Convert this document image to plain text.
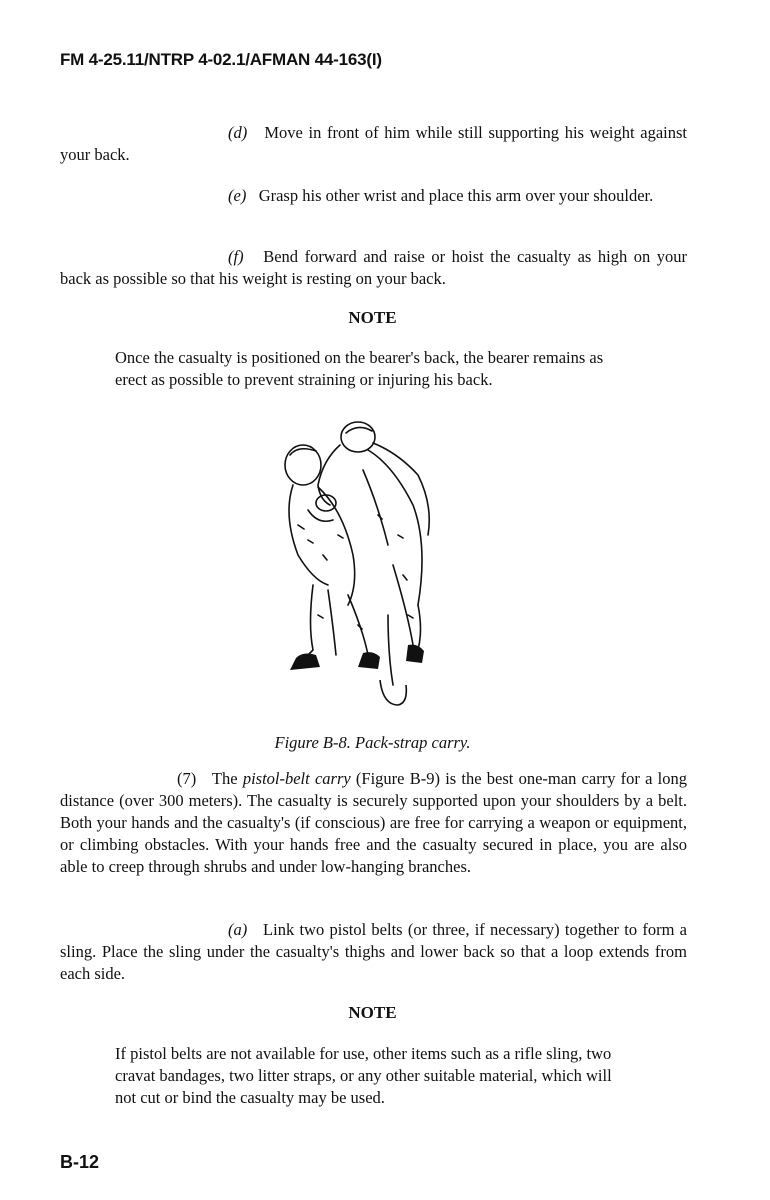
FM 4-25.11/NTRP 4-02.1/AFMAN 44-163(I)
(d) Move in front of him while still supporting his weight against your back.
(e) Grasp his other wrist and place this arm over your shoulder.
(f) Bend forward and raise or hoist the casualty as high on your back as possible so that his weight is resting on your back.
NOTE
Once the casualty is positioned on the bearer's back, the bearer remains as erect as possible to prevent straining or injuring his back.
Figure B-8. Pack-strap carry.
(7) The pistol-belt carry (Figure B-9) is the best one-man carry for a long distance (over 300 meters). The casualty is securely supported upon your shoulders by a belt. Both your hands and the casualty's (if conscious) are free for carrying a weapon or equipment, or climbing obstacles. With your hands free and the casualty secured in place, you are also able to creep through shrubs and under low-hanging branches.
(a) Link two pistol belts (or three, if necessary) together to form a sling. Place the sling under the casualty's thighs and lower back so that a loop extends from each side.
NOTE
If pistol belts are not available for use, other items such as a rifle sling, two cravat bandages, two litter straps, or any other suitable material, which will not cut or bind the casualty may be used.
B-12
